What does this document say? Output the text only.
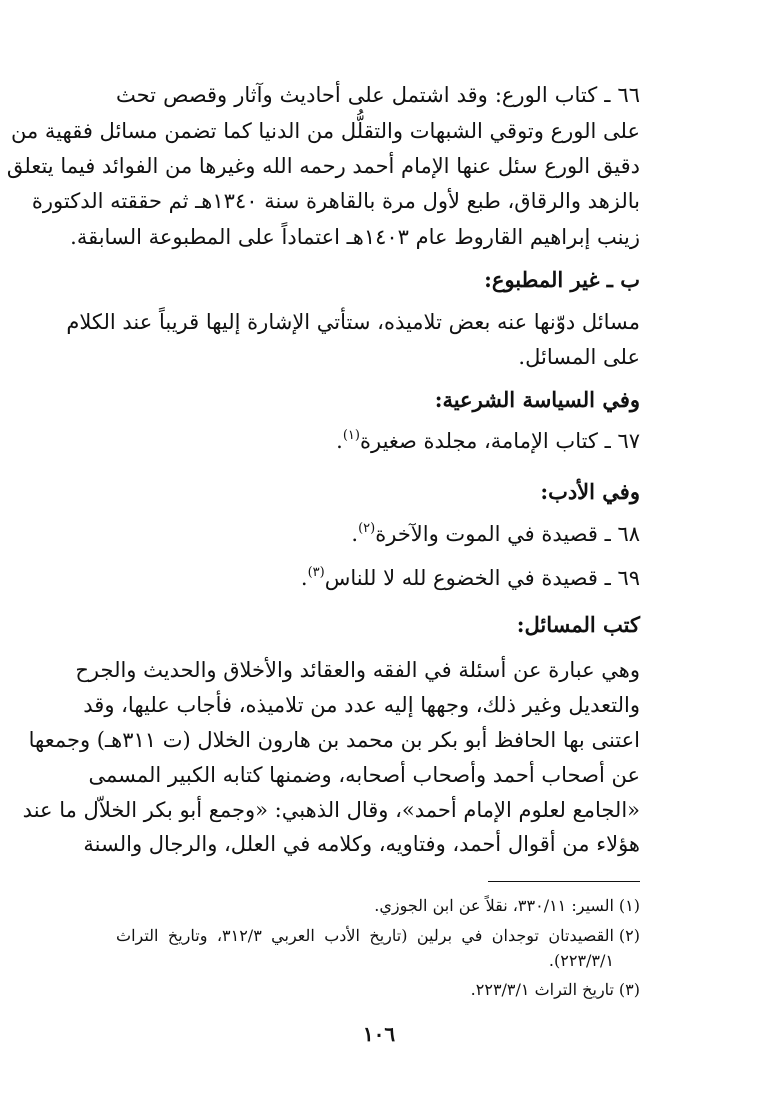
٦٦ ـ كتاب الورع: وقد اشتمل على أحاديث وآثار وقصص تحث
على الورع وتوقي الشبهات والتقلُّل من الدنيا كما تضمن مسائل فقهية من
دقيق الورع سئل عنها الإمام أحمد رحمه الله وغيرها من الفوائد فيما يتعلق
بالزهد والرقاق، طبع لأول مرة بالقاهرة سنة ١٣٤٠هـ ثم حققته الدكتورة
زينب إبراهيم القاروط عام ١٤٠٣هـ اعتماداً على المطبوعة السابقة.
ب ـ غير المطبوع:
مسائل دوّنها عنه بعض تلاميذه، ستأتي الإشارة إليها قريباً عند الكلام
على المسائل.
وفي السياسة الشرعية:
٦٧ ـ كتاب الإمامة، مجلدة صغيرة$^{(١)}$.
وفي الأدب:
٦٨ ـ قصيدة في الموت والآخرة$^{(٢)}$.
٦٩ ـ قصيدة في الخضوع لله لا للناس$^{(٣)}$.
كتب المسائل:
وهي عبارة عن أسئلة في الفقه والعقائد والأخلاق والحديث والجرح
والتعديل وغير ذلك، وجهها إليه عدد من تلاميذه، فأجاب عليها، وقد
اعتنى بها الحافظ أبو بكر بن محمد بن هارون الخلال (ت ٣١١هـ) وجمعها
عن أصحاب أحمد وأصحاب أصحابه، وضمنها كتابه الكبير المسمى
«الجامع لعلوم الإمام أحمد»، وقال الذهبي: «وجمع أبو بكر الخلاّل ما عند
هؤلاء من أقوال أحمد، وفتاويه، وكلامه في العلل، والرجال والسنة
(١)السير: ٣٣٠/١١، نقلاً عن ابن الجوزي.
(٢)القصيدتان توجدان في برلين (تاريخ الأدب العربي ٣١٢/٣، وتاريخ التراث
٢٢٣/٣/١).
(٣)تاريخ التراث ٢٢٣/٣/١.
١٠٦
